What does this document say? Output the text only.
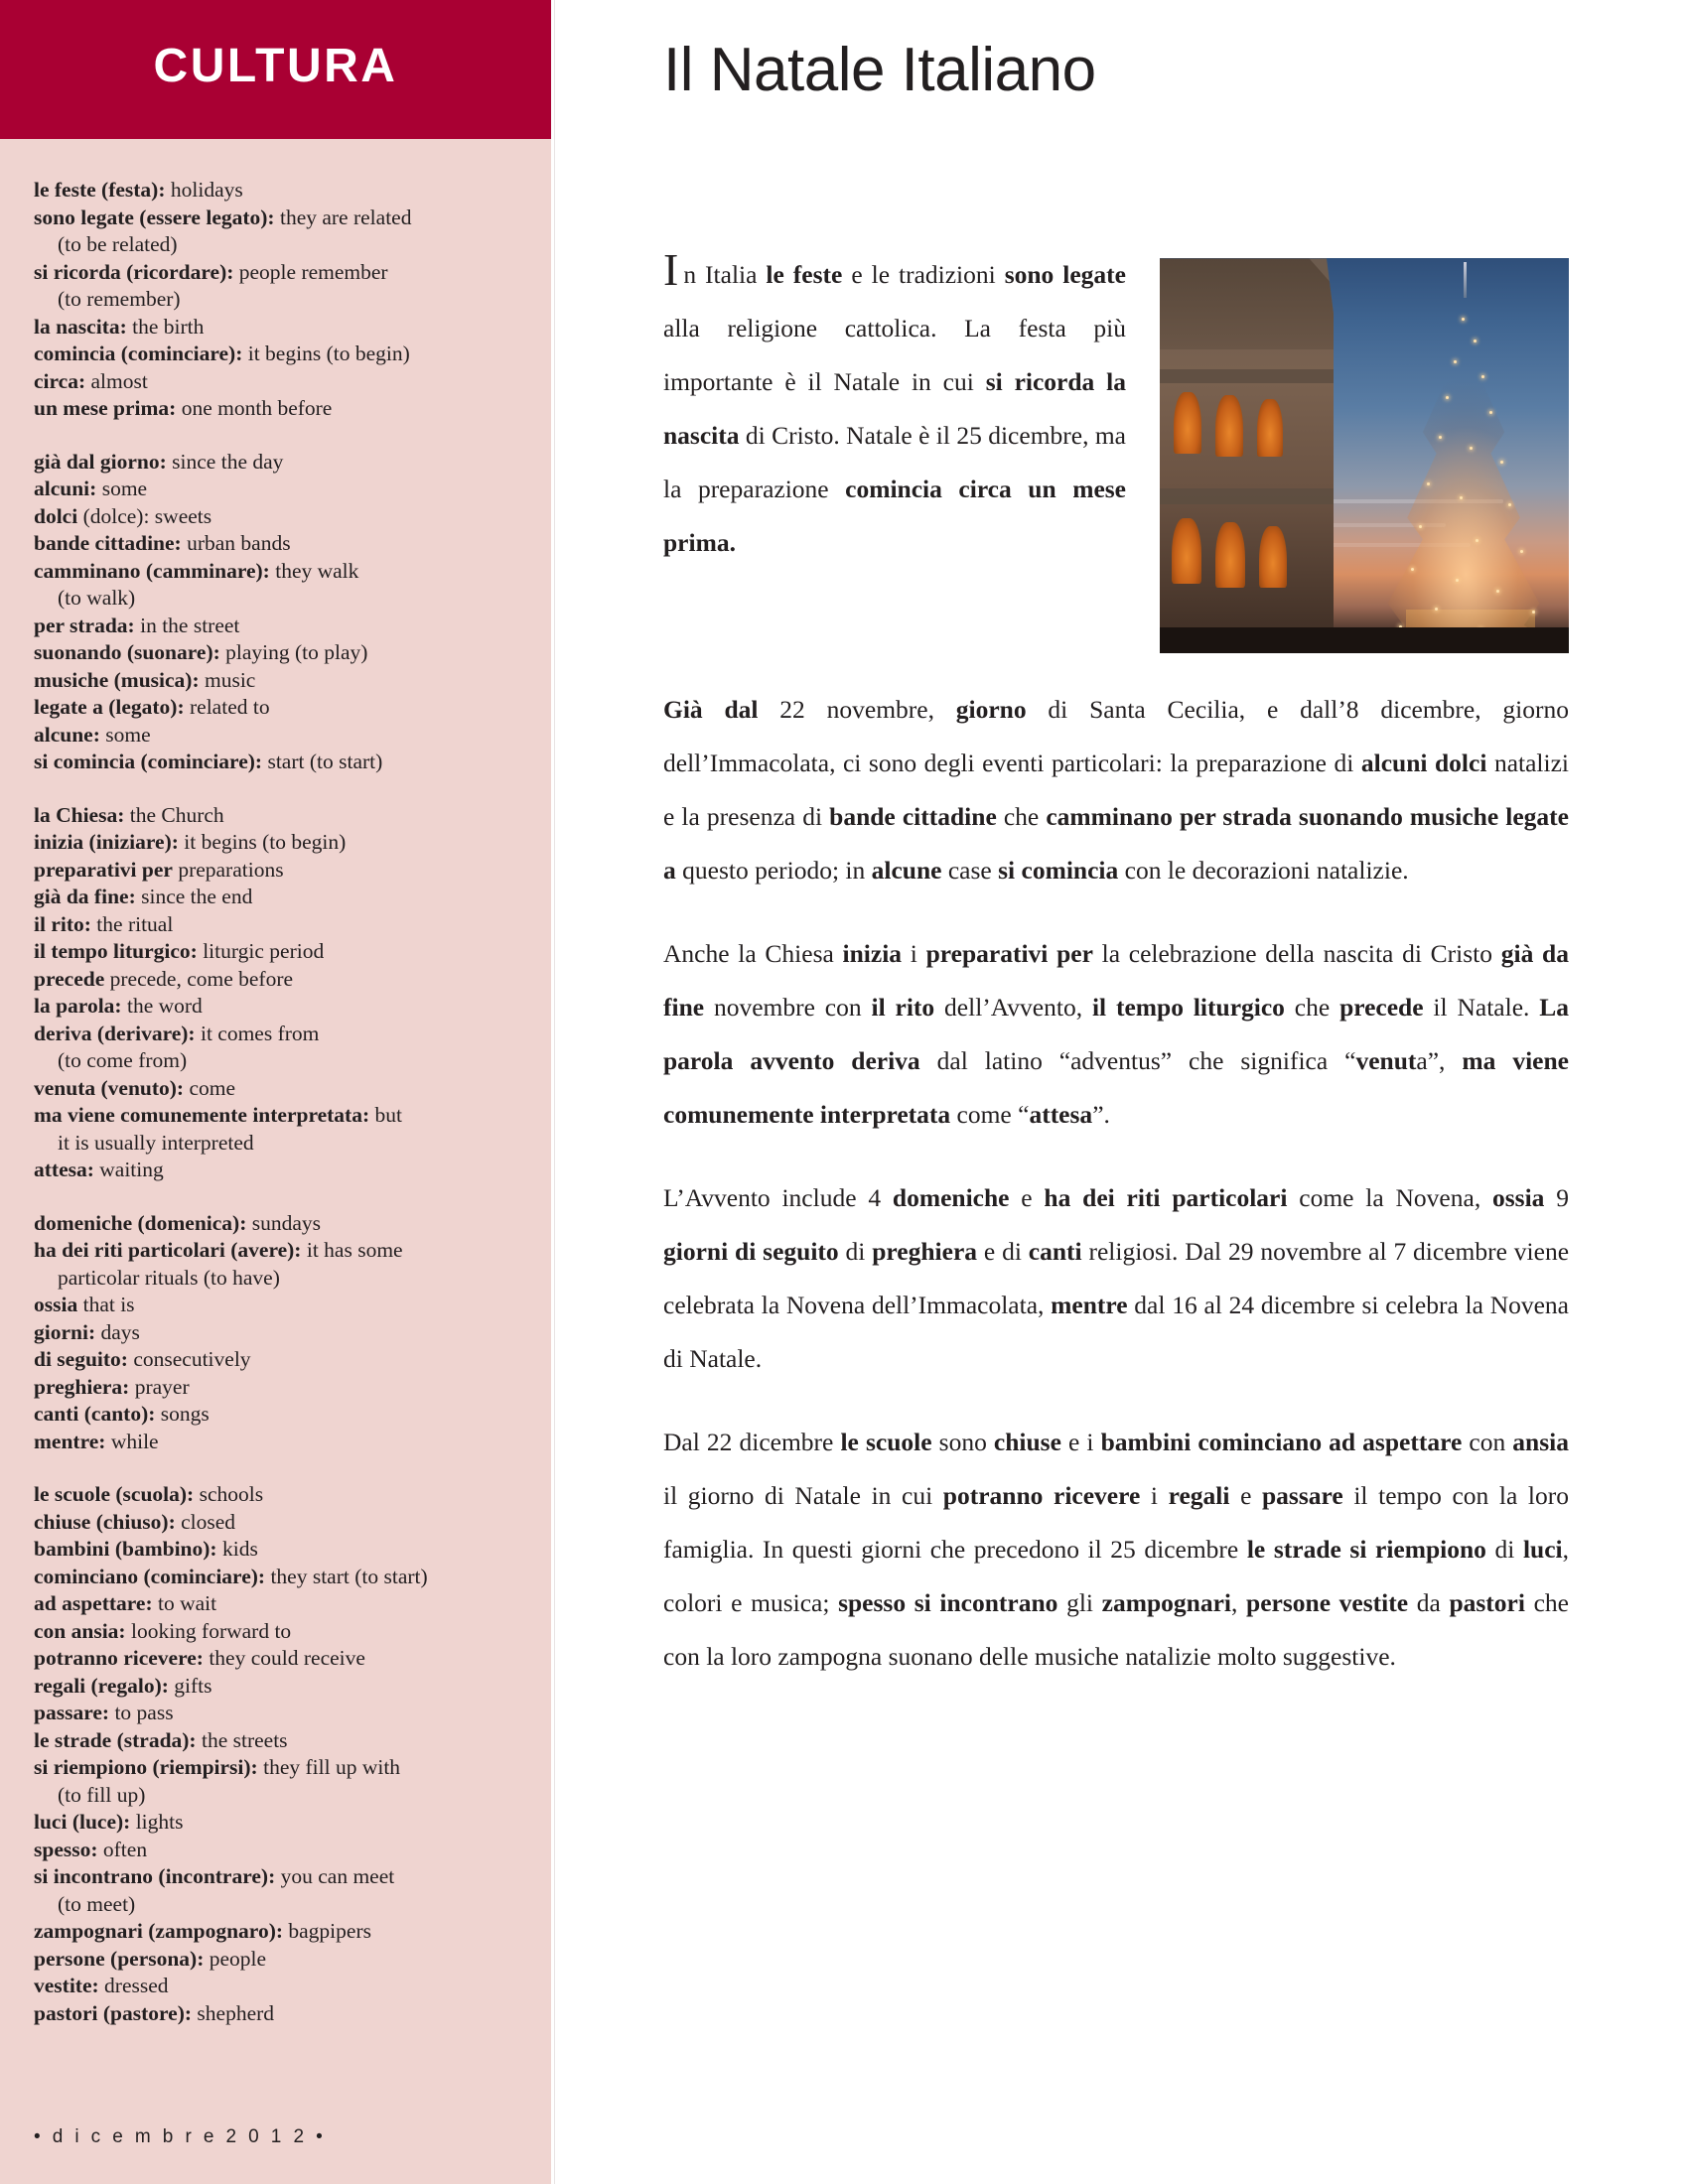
CULTURA
le feste (festa): holidays
sono legate (essere legato): they are related
(to be related)
si ricorda (ricordare): people remember
(to remember)
la nascita: the birth
comincia (cominciare): it begins (to begin)
circa: almost
un mese prima: one month before
già dal giorno: since the day
alcuni: some
dolci (dolce): sweets
bande cittadine: urban bands
camminano (camminare): they walk
(to walk)
per strada: in the street
suonando (suonare): playing (to play)
musiche (musica): music
legate a (legato): related to
alcune: some
si comincia (cominciare): start (to start)
la Chiesa: the Church
inizia (iniziare): it begins (to begin)
preparativi per preparations
già da fine: since the end
il rito: the ritual
il tempo liturgico: liturgic period
precede precede, come before
la parola: the word
deriva (derivare): it comes from
(to come from)
venuta (venuto): come
ma viene comunemente interpretata: but
it is usually interpreted
attesa: waiting
domeniche (domenica): sundays
ha dei riti particolari (avere): it has some
particolar rituals (to have)
ossia that is
giorni: days
di seguito: consecutively
preghiera: prayer
canti (canto): songs
mentre: while
le scuole (scuola): schools
chiuse (chiuso): closed
bambini (bambino): kids
cominciano (cominciare): they start (to start)
ad aspettare: to wait
con ansia: looking forward to
potranno ricevere: they could receive
regali (regalo): gifts
passare: to pass
le strade (strada): the streets
si riempiono (riempirsi): they fill up with
(to fill up)
luci (luce): lights
spesso: often
si incontrano (incontrare): you can meet
(to meet)
zampognari (zampognaro): bagpipers
persone (persona): people
vestite: dressed
pastori (pastore): shepherd
• d i c e m b r e 2 0 1 2 •
Il Natale Italiano

In Italia le feste e le tradizioni sono legate alla religione cattolica. La festa più importante è il Natale in cui si ricorda la nascita di Cristo. Natale è il 25 dicembre, ma la preparazione comincia circa un mese prima.

Già dal 22 novembre, giorno di Santa Cecilia, e dall’8 dicembre, giorno dell’Immacolata, ci sono degli eventi particolari: la preparazione di alcuni dolci natalizi e la presenza di bande cittadine che camminano per strada suonando musiche legate a questo periodo; in alcune case si comincia con le decorazioni natalizie.

Anche la Chiesa inizia i preparativi per la celebrazione della nascita di Cristo già da fine novembre con il rito dell’Avvento, il tempo liturgico che precede il Natale. La parola avvento deriva dal latino “adventus” che significa “venuta”, ma viene comunemente interpretata come “attesa”.

L’Avvento include 4 domeniche e ha dei riti particolari come la Novena, ossia 9 giorni di seguito di preghiera e di canti religiosi. Dal 29 novembre al 7 dicembre viene celebrata la Novena dell’Immacolata, mentre dal 16 al 24 dicembre si celebra la Novena di Natale.

Dal 22 dicembre le scuole sono chiuse e i bambini cominciano ad aspettare con ansia il giorno di Natale in cui potranno ricevere i regali e passare il tempo con la loro famiglia. In questi giorni che precedono il 25 dicembre le strade si riempiono di luci, colori e musica; spesso si incontrano gli zampognari, persone vestite da pastori che con la loro zampogna suonano delle musiche natalizie molto suggestive.
